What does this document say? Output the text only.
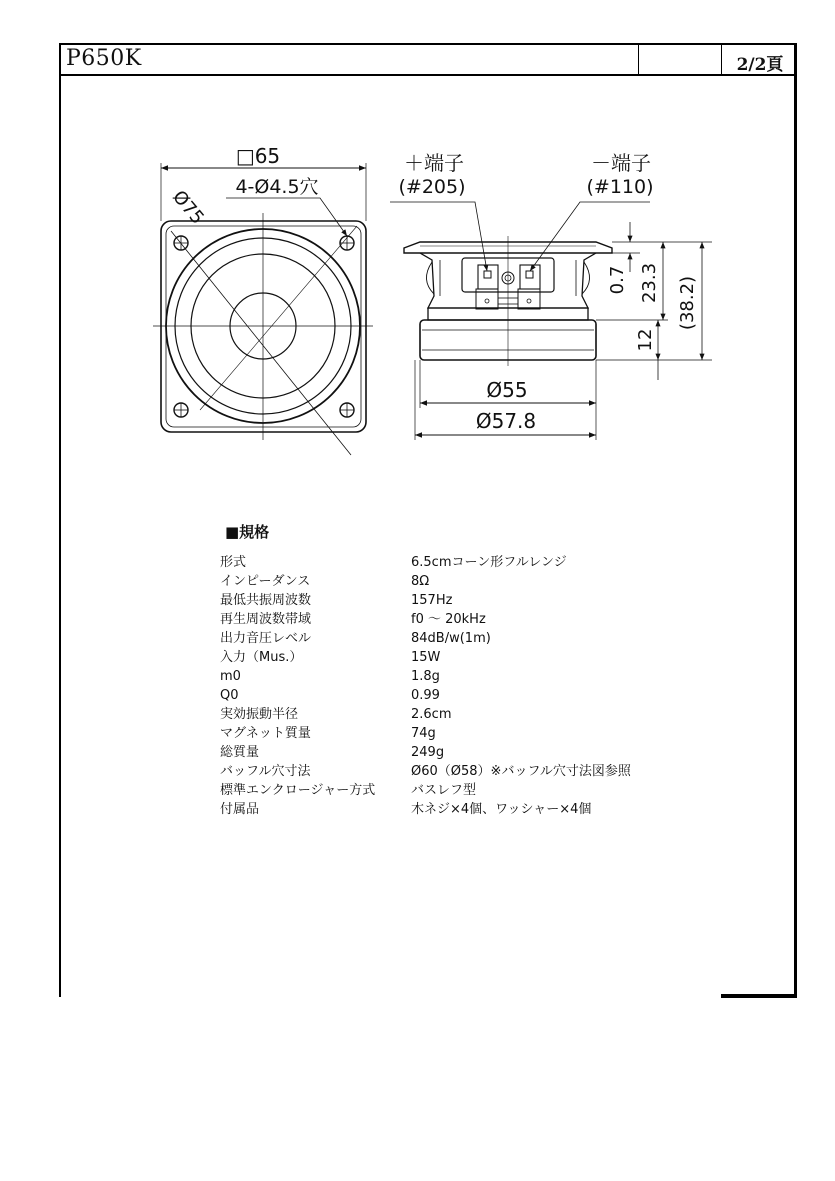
P650K	2/2頁
□65
4-Ø4.5穴
Ø75
＋端子
(#205)
－端子
(#110)
Ø55
Ø57.8
0.7 23.3
12
(38.2)
■規格
形式	6.5cmコーン形フルレンジ
インピーダンス	8Ω
最低共振周波数	157Hz
再生周波数帯域	f0 ～ 20kHz
出力音圧レベル	84dB/w(1m)
入力（Mus.）	15W
m0	1.8g
Q0	0.99
実効振動半径	2.6cm
マグネット質量	74g
総質量	249g
バッフル穴寸法	Ø60（Ø58）※バッフル穴寸法図参照
標準エンクロージャー方式	バスレフ型
付属品	木ネジ×4個、ワッシャー×4個
